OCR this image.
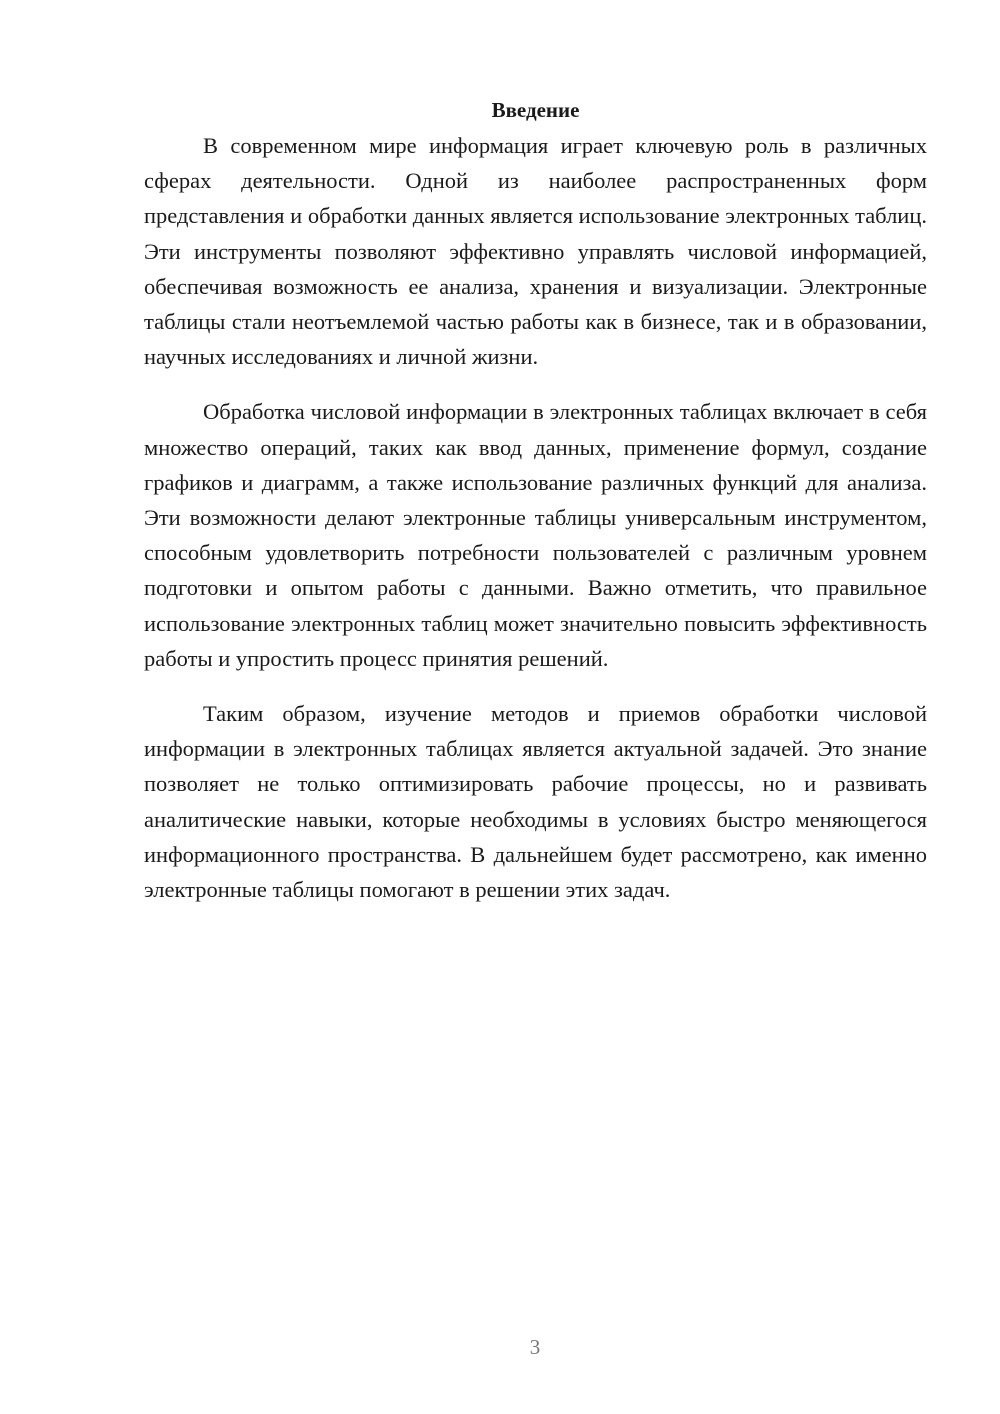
Введение

В современном мире информация играет ключевую роль в различных сферах деятельности. Одной из наиболее распространенных форм представления и обработки данных является использование электронных таблиц. Эти инструменты позволяют эффективно управлять числовой информацией, обеспечивая возможность ее анализа, хранения и визуализации. Электронные таблицы стали неотъемлемой частью работы как в бизнесе, так и в образовании, научных исследованиях и личной жизни.

Обработка числовой информации в электронных таблицах включает в себя множество операций, таких как ввод данных, применение формул, создание графиков и диаграмм, а также использование различных функций для анализа. Эти возможности делают электронные таблицы универсальным инструментом, способным удовлетворить потребности пользователей с различным уровнем подготовки и опытом работы с данными. Важно отметить, что правильное использование электронных таблиц может значительно повысить эффективность работы и упростить процесс принятия решений.

Таким образом, изучение методов и приемов обработки числовой информации в электронных таблицах является актуальной задачей. Это знание позволяет не только оптимизировать рабочие процессы, но и развивать аналитические навыки, которые необходимы в условиях быстро меняющегося информационного пространства. В дальнейшем будет рассмотрено, как именно электронные таблицы помогают в решении этих задач.

3
